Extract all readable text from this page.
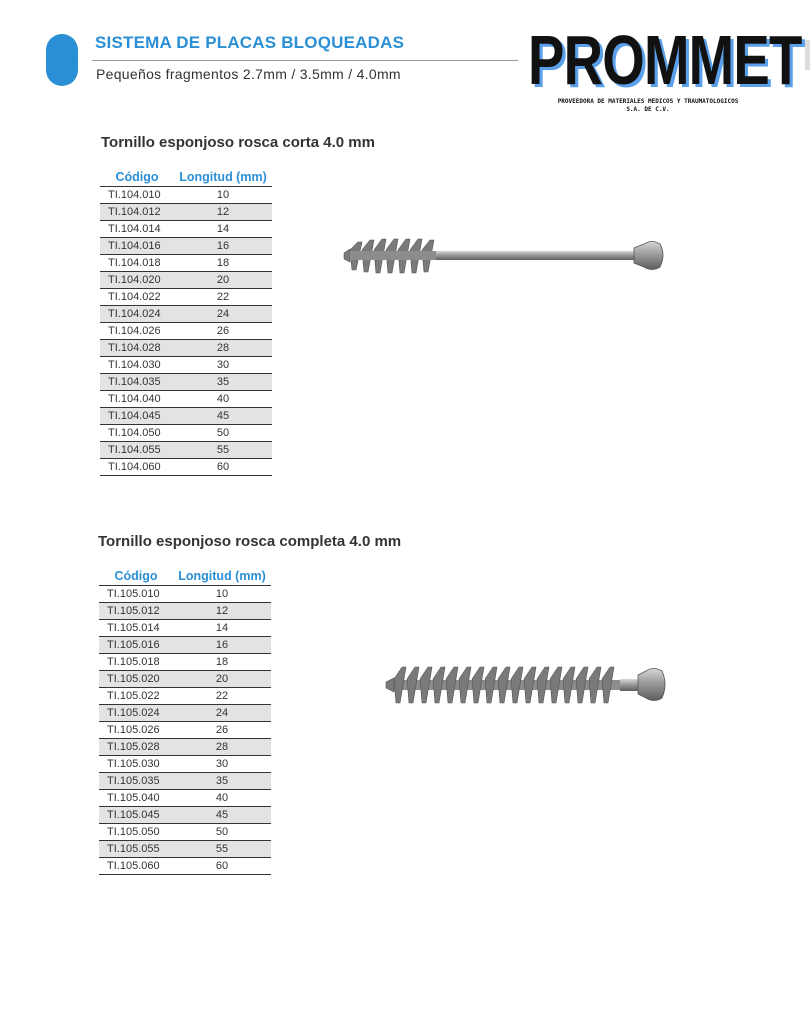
SISTEMA DE PLACAS BLOQUEADAS
Pequeños fragmentos 2.7mm / 3.5mm / 4.0mm PROMMET
PROVEEDORA DE MATERIALES MEDICOS Y TRAUMATOLOGICOS
S.A. DE C.V.
Tornillo esponjoso rosca corta 4.0 mm
Código	Longitud (mm)
TI.104.010	10
TI.104.012	12
TI.104.014	14
TI.104.016	16
TI.104.018	18
TI.104.020	20
TI.104.022	22
TI.104.024	24
TI.104.026	26
TI.104.028	28
TI.104.030	30
TI.104.035	35
TI.104.040	40
TI.104.045	45
TI.104.050	50
TI.104.055	55
TI.104.060	60
Tornillo esponjoso rosca completa 4.0 mm
Código	Longitud (mm)
TI.105.010	10
TI.105.012	12
TI.105.014	14
TI.105.016	16
TI.105.018	18
TI.105.020	20
TI.105.022	22
TI.105.024	24
TI.105.026	26
TI.105.028	28
TI.105.030	30
TI.105.035	35
TI.105.040	40
TI.105.045	45
TI.105.050	50
TI.105.055	55
TI.105.060	60
